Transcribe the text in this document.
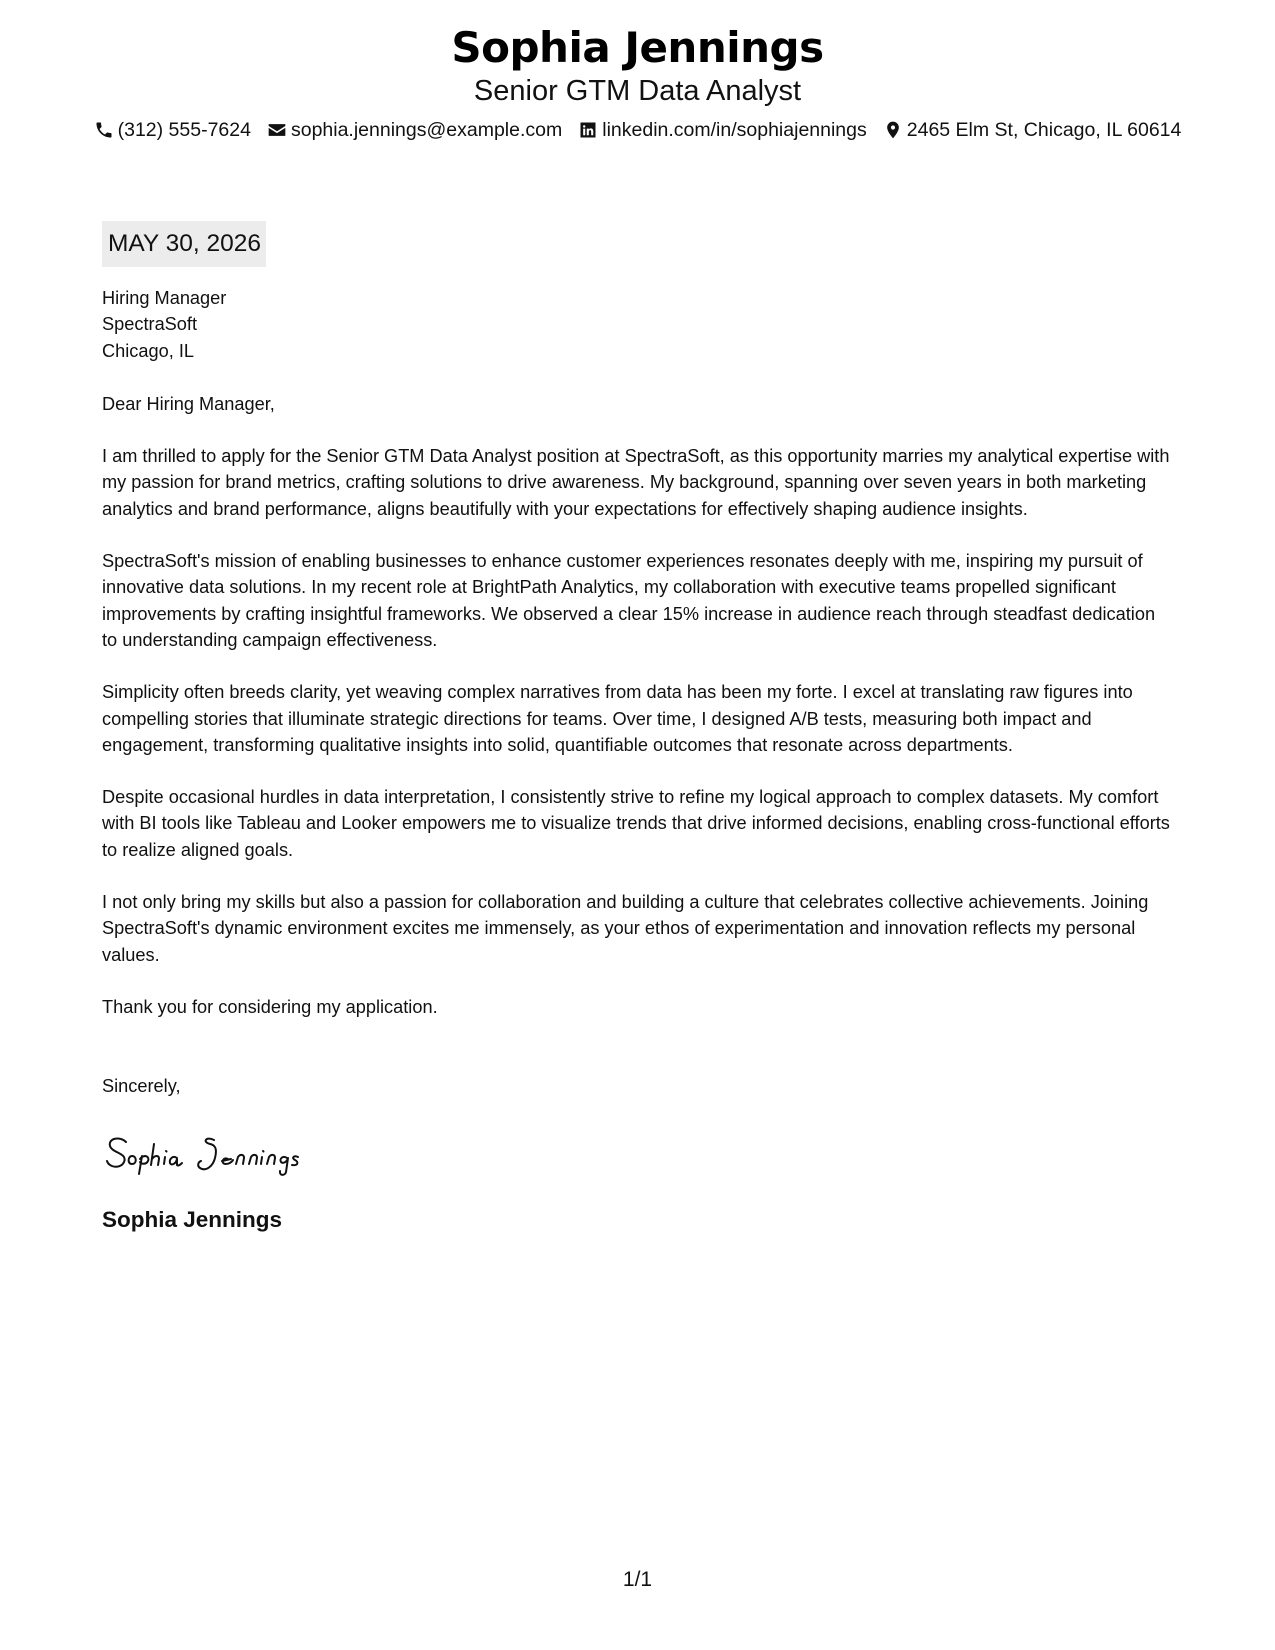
Sophia Jennings
Senior GTM Data Analyst
(312) 555-7624 sophia.jennings@example.com linkedin.com/in/sophiajennings 2465 Elm St, Chicago, IL 60614
MAY 30, 2026
Hiring Manager
SpectraSoft
Chicago, IL
Dear Hiring Manager,
I am thrilled to apply for the Senior GTM Data Analyst position at SpectraSoft, as this opportunity marries my analytical expertise with my passion for brand metrics, crafting solutions to drive awareness. My background, spanning over seven years in both marketing analytics and brand performance, aligns beautifully with your expectations for effectively shaping audience insights.
SpectraSoft's mission of enabling businesses to enhance customer experiences resonates deeply with me, inspiring my pursuit of innovative data solutions. In my recent role at BrightPath Analytics, my collaboration with executive teams propelled significant improvements by crafting insightful frameworks. We observed a clear 15% increase in audience reach through steadfast dedication to understanding campaign effectiveness.
Simplicity often breeds clarity, yet weaving complex narratives from data has been my forte. I excel at translating raw figures into compelling stories that illuminate strategic directions for teams. Over time, I designed A/B tests, measuring both impact and engagement, transforming qualitative insights into solid, quantifiable outcomes that resonate across departments.
Despite occasional hurdles in data interpretation, I consistently strive to refine my logical approach to complex datasets. My comfort with BI tools like Tableau and Looker empowers me to visualize trends that drive informed decisions, enabling cross-functional efforts to realize aligned goals.
I not only bring my skills but also a passion for collaboration and building a culture that celebrates collective achievements. Joining SpectraSoft's dynamic environment excites me immensely, as your ethos of experimentation and innovation reflects my personal values.
Thank you for considering my application.
Sincerely,
Sophia Jennings
1/1
